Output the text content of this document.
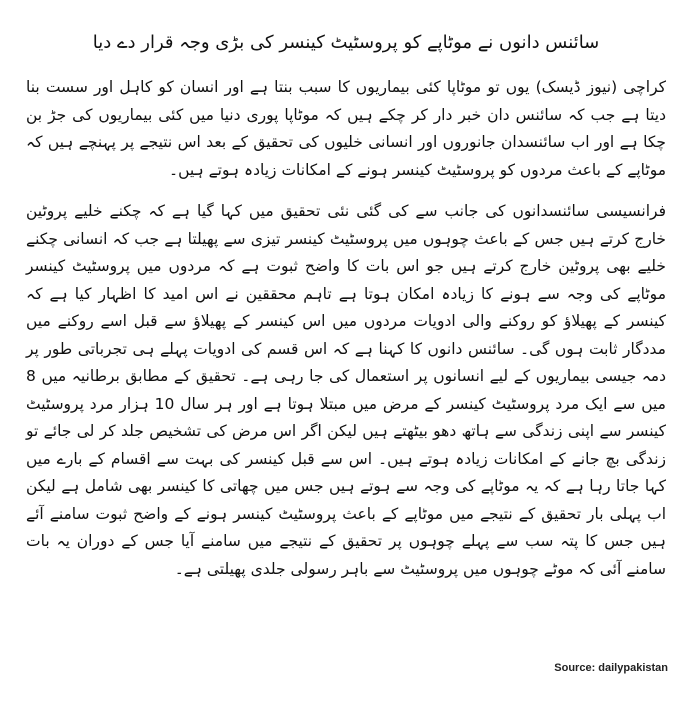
سائنس دانوں نے موٹاپے کو پروسٹیٹ کینسر کی بڑی وجہ قرار دے دیا

کراچی (نیوز ڈیسک) یوں تو موٹاپا کئی بیماریوں کا سبب بنتا ہے اور انسان کو کاہل اور سست بنا دیتا ہے جب کہ سائنس دان خبر دار کر چکے ہیں کہ موٹاپا پوری دنیا میں کئی بیماریوں کی جڑ بن چکا ہے اور اب سائنسدان جانوروں اور انسانی خلیوں کی تحقیق کے بعد اس نتیجے پر پہنچے ہیں کہ موٹاپے کے باعث مردوں کو پروسٹیٹ کینسر ہونے کے امکانات زیادہ ہوتے ہیں۔

فرانسیسی سائنسدانوں کی جانب سے کی گئی نئی تحقیق میں کہا گیا ہے کہ چکنے خلیے پروٹین خارج کرتے ہیں جس کے باعث چوہوں میں پروسٹیٹ کینسر تیزی سے پھیلتا ہے جب کہ انسانی چکنے خلیے بھی پروٹین خارج کرتے ہیں جو اس بات کا واضح ثبوت ہے کہ مردوں میں پروسٹیٹ کینسر موٹاپے کی وجہ سے ہونے کا زیادہ امکان ہوتا ہے تاہم محققین نے اس امید کا اظہار کیا ہے کہ کینسر کے پھیلاؤ کو روکنے والی ادویات مردوں میں اس کینسر کے پھیلاؤ سے قبل اسے روکنے میں مددگار ثابت ہوں گی۔ سائنس دانوں کا کہنا ہے کہ اس قسم کی ادویات پہلے ہی تجرباتی طور پر دمہ جیسی بیماریوں کے لیے انسانوں پر استعمال کی جا رہی ہے۔ تحقیق کے مطابق برطانیہ میں 8 میں سے ایک مرد پروسٹیٹ کینسر کے مرض میں مبتلا ہوتا ہے اور ہر سال 10 ہزار مرد پروسٹیٹ کینسر سے اپنی زندگی سے ہاتھ دھو بیٹھتے ہیں لیکن اگر اس مرض کی تشخیص جلد کر لی جائے تو زندگی بچ جانے کے امکانات زیادہ ہوتے ہیں۔ اس سے قبل کینسر کی بہت سے اقسام کے بارے میں کہا جاتا رہا ہے کہ یہ موٹاپے کی وجہ سے ہوتے ہیں جس میں چھاتی کا کینسر بھی شامل ہے لیکن اب پہلی بار تحقیق کے نتیجے میں موٹاپے کے باعث پروسٹیٹ کینسر ہونے کے واضح ثبوت سامنے آئے ہیں جس کا پتہ سب سے پہلے چوہوں پر تحقیق کے نتیجے میں سامنے آیا جس کے دوران یہ بات سامنے آئی کہ موٹے چوہوں میں پروسٹیٹ سے باہر رسولی جلدی پھیلتی ہے۔

Source: dailypakistan
